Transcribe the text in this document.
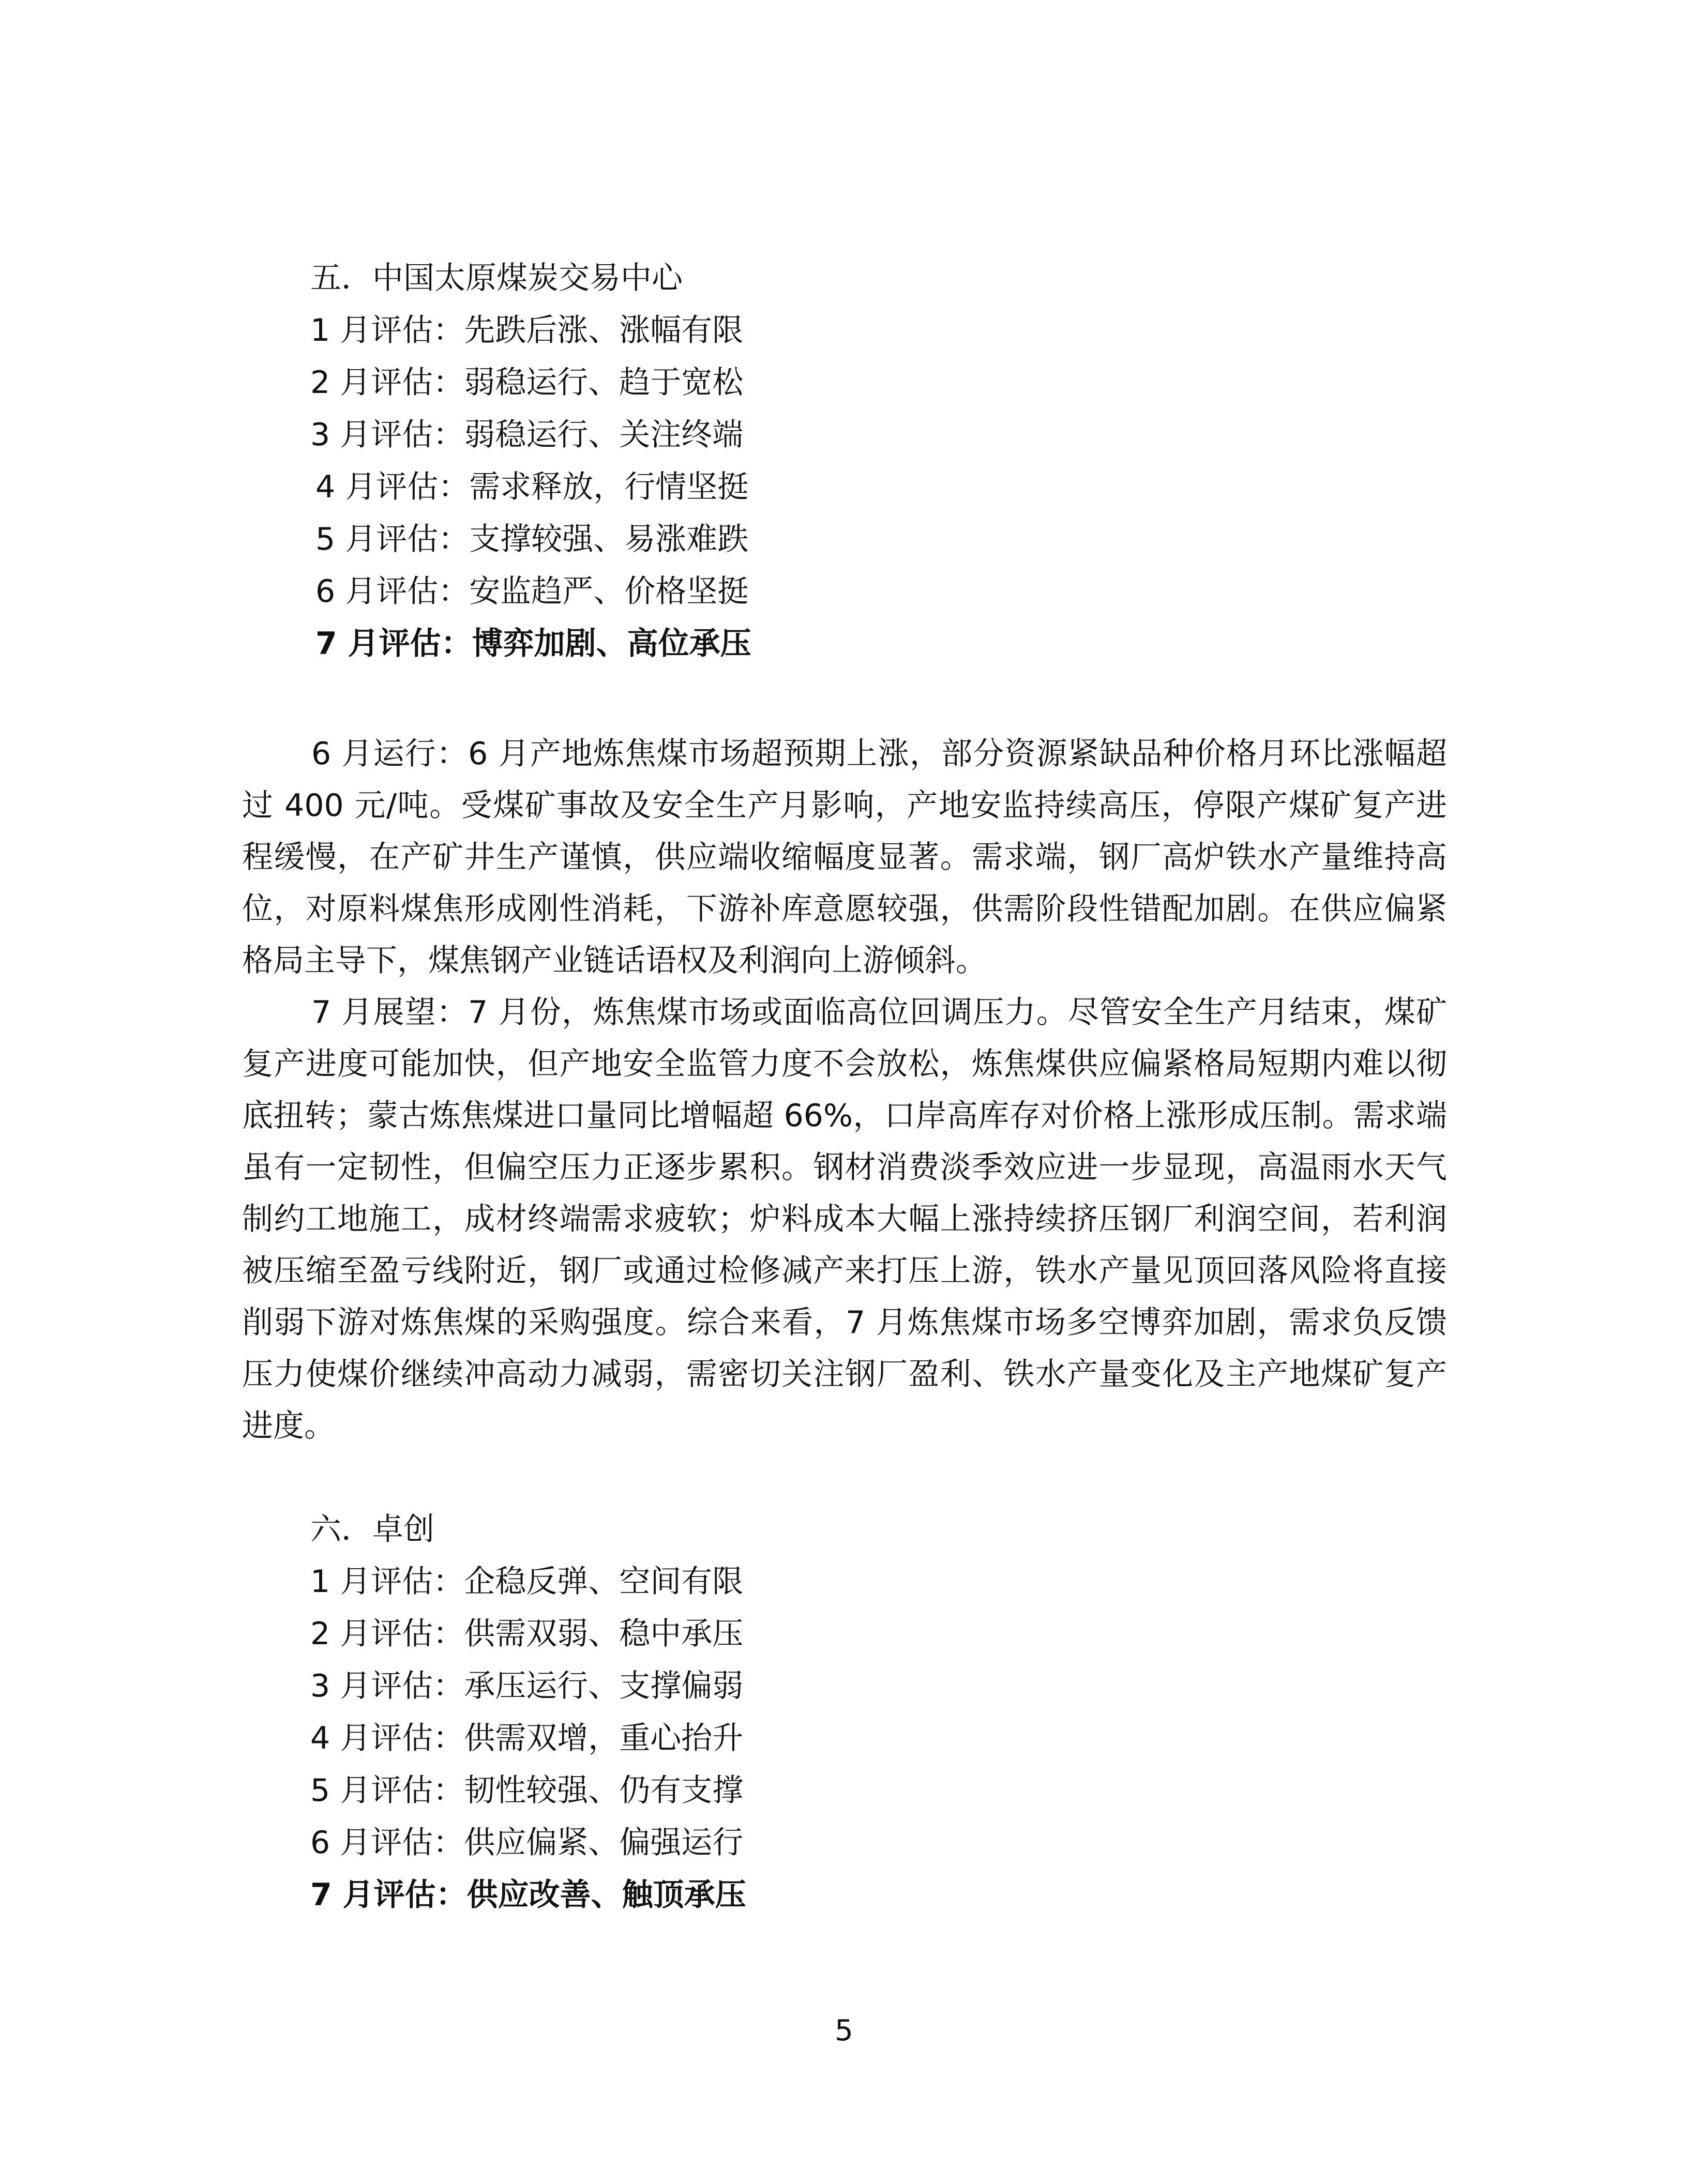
五．中国太原煤炭交易中心

1 月评估：先跌后涨、涨幅有限

2 月评估：弱稳运行、趋于宽松

3 月评估：弱稳运行、关注终端

4 月评估：需求释放，行情坚挺

5 月评估：支撑较强、易涨难跌

6 月评估：安监趋严、价格坚挺

7 月评估：博弈加剧、高位承压

6 月运行：6 月产地炼焦煤市场超预期上涨，部分资源紧缺品种价格月环比涨幅超过 400 元/吨。受煤矿事故及安全生产月影响，产地安监持续高压，停限产煤矿复产进程缓慢，在产矿井生产谨慎，供应端收缩幅度显著。需求端，钢厂高炉铁水产量维持高位，对原料煤焦形成刚性消耗，下游补库意愿较强，供需阶段性错配加剧。在供应偏紧格局主导下，煤焦钢产业链话语权及利润向上游倾斜。

7 月展望：7 月份，炼焦煤市场或面临高位回调压力。尽管安全生产月结束，煤矿复产进度可能加快，但产地安全监管力度不会放松，炼焦煤供应偏紧格局短期内难以彻底扭转；蒙古炼焦煤进口量同比增幅超 66%，口岸高库存对价格上涨形成压制。需求端虽有一定韧性，但偏空压力正逐步累积。钢材消费淡季效应进一步显现，高温雨水天气制约工地施工，成材终端需求疲软；炉料成本大幅上涨持续挤压钢厂利润空间，若利润被压缩至盈亏线附近，钢厂或通过检修减产来打压上游，铁水产量见顶回落风险将直接削弱下游对炼焦煤的采购强度。综合来看，7 月炼焦煤市场多空博弈加剧，需求负反馈压力使煤价继续冲高动力减弱，需密切关注钢厂盈利、铁水产量变化及主产地煤矿复产进度。

六．卓创

1 月评估：企稳反弹、空间有限

2 月评估：供需双弱、稳中承压

3 月评估：承压运行、支撑偏弱

4 月评估：供需双增，重心抬升

5 月评估：韧性较强、仍有支撑

6 月评估：供应偏紧、偏强运行

7 月评估：供应改善、触顶承压

5
